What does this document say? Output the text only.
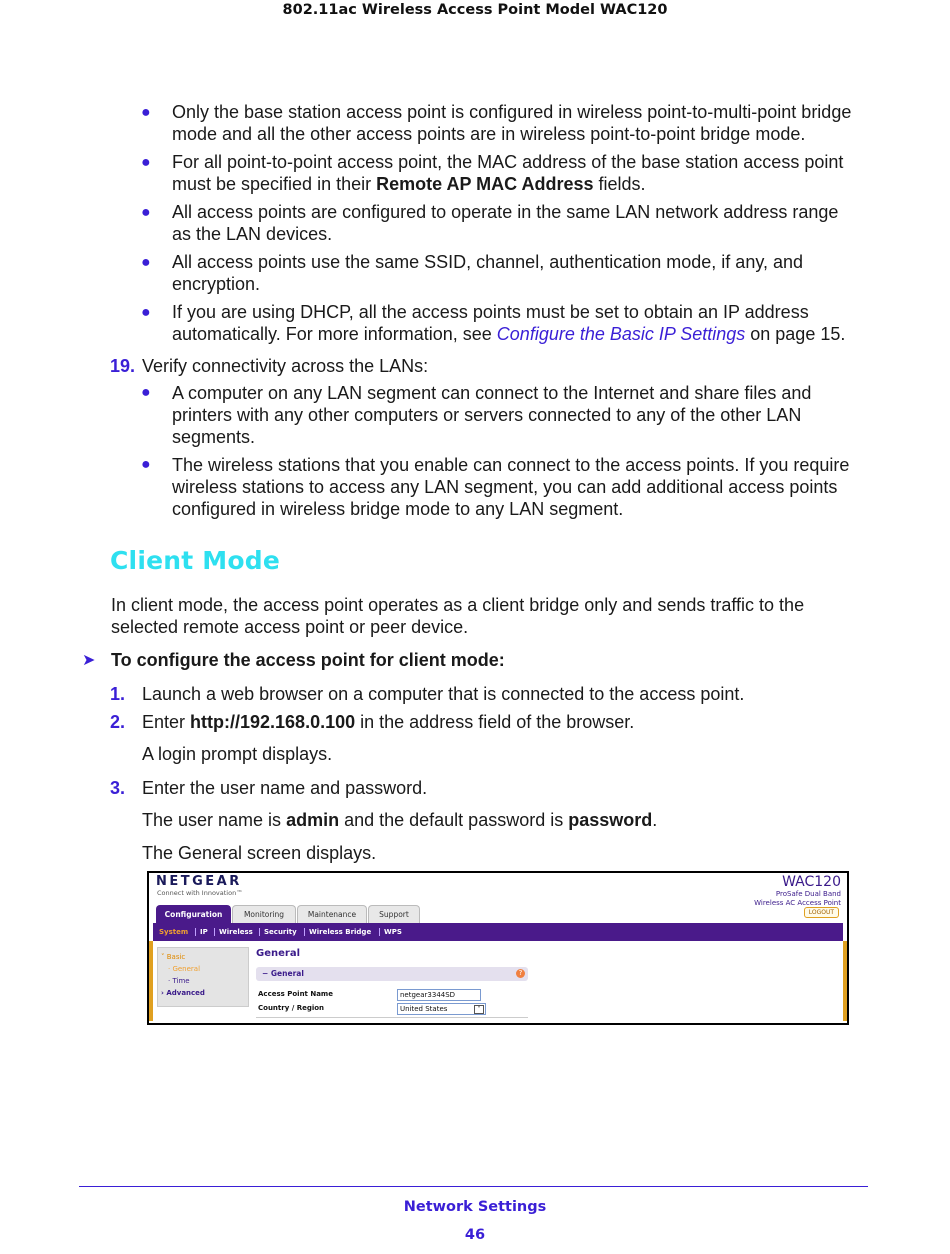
802.11ac Wireless Access Point Model WAC120
● Only the base station access point is configured in wireless point-to-multi-point bridge
mode and all the other access points are in wireless point-to-point bridge mode.
● For all point-to-point access point, the MAC address of the base station access point
must be specified in their Remote AP MAC Address fields.
● All access points are configured to operate in the same LAN network address range
as the LAN devices.
● All access points use the same SSID, channel, authentication mode, if any, and
encryption.
● If you are using DHCP, all the access points must be set to obtain an IP address
automatically. For more information, see Configure the Basic IP Settings on page 15.
19. Verify connectivity across the LANs:
● A computer on any LAN segment can connect to the Internet and share files and
printers with any other computers or servers connected to any of the other LAN
segments.
● The wireless stations that you enable can connect to the access points. If you require
wireless stations to access any LAN segment, you can add additional access points
configured in wireless bridge mode to any LAN segment.
Client Mode
In client mode, the access point operates as a client bridge only and sends traffic to the
selected remote access point or peer device.
➤ To configure the access point for client mode:
1. Launch a web browser on a computer that is connected to the access point.
2. Enter http://192.168.0.100 in the address field of the browser.
A login prompt displays.
3. Enter the user name and password.
The user name is admin and the default password is password.
The General screen displays.
NETGEAR
Connect with Innovation™
WAC120
ProSafe Dual Band
Wireless AC Access Point
LOGOUT
Configuration	Monitoring	Maintenance	Support
System IP Wireless Security Wireless Bridge WPS
˅ Basic
· General
· Time
› Advanced
General
− General	?
Access Point Name	netgear3344SD
Country / Region	United States	˅
Network Settings
46
